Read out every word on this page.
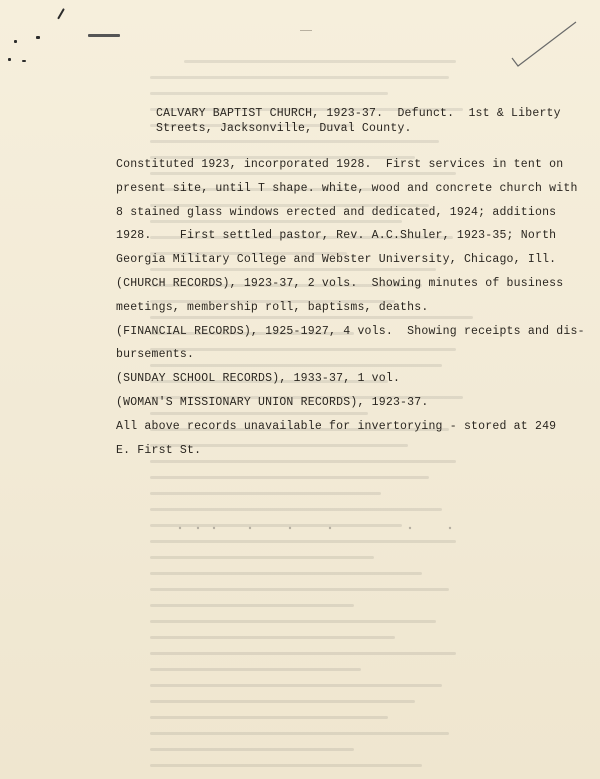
CALVARY BAPTIST CHURCH, 1923-37.  Defunct.  1st & Liberty
Streets, Jacksonville, Duval County.
Constituted 1923, incorporated 1928.  First services in tent on
present site, until T shape. white, wood and concrete church with
8 stained glass windows erected and dedicated, 1924; additions
1928.    First settled pastor, Rev. A.C.Shuler, 1923-35; North
Georgia Military College and Webster University, Chicago, Ill.
(CHURCH RECORDS), 1923-37, 2 vols.  Showing minutes of business
meetings, membership roll, baptisms, deaths.
(FINANCIAL RECORDS), 1925-1927, 4 vols.  Showing receipts and dis-
bursements.
(SUNDAY SCHOOL RECORDS), 1933-37, 1 vol.
(WOMAN'S MISSIONARY UNION RECORDS), 1923-37.
All above records unavailable for invertorying - stored at 249
E. First St.
